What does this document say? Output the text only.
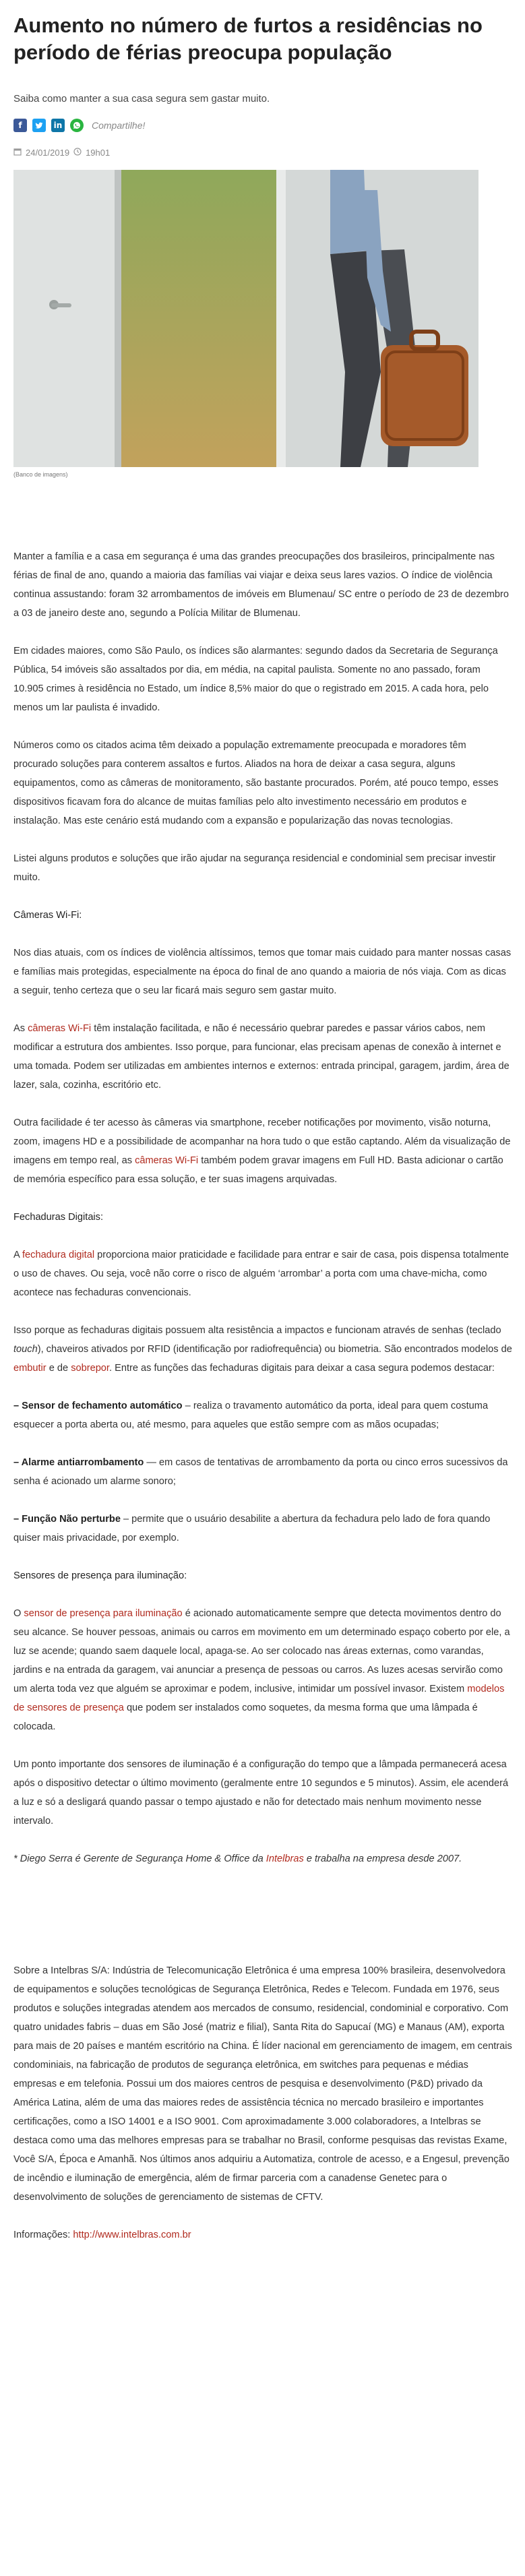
Aumento no número de furtos a residências no período de férias preocupa população
Saiba como manter a sua casa segura sem gastar muito.
f	in	Compartilhe!
24/01/2019 19h01
(Banco de imagens)

Manter a família e a casa em segurança é uma das grandes preocupações dos brasileiros, principalmente nas férias de final de ano, quando a maioria das famílias vai viajar e deixa seus lares vazios. O índice de violência continua assustando: foram 32 arrombamentos de imóveis em Blumenau/ SC entre o período de 23 de dezembro a 03 de janeiro deste ano, segundo a Polícia Militar de Blumenau.

Em cidades maiores, como São Paulo, os índices são alarmantes: segundo dados da Secretaria de Segurança Pública, 54 imóveis são assaltados por dia, em média, na capital paulista. Somente no ano passado, foram 10.905 crimes à residência no Estado, um índice 8,5% maior do que o registrado em 2015. A cada hora, pelo menos um lar paulista é invadido.

Números como os citados acima têm deixado a população extremamente preocupada e moradores têm procurado soluções para conterem assaltos e furtos. Aliados na hora de deixar a casa segura, alguns equipamentos, como as câmeras de monitoramento, são bastante procurados. Porém, até pouco tempo, esses dispositivos ficavam fora do alcance de muitas famílias pelo alto investimento necessário em produtos e instalação. Mas este cenário está mudando com a expansão e popularização das novas tecnologias.

Listei alguns produtos e soluções que irão ajudar na segurança residencial e condominial sem precisar investir muito.

Câmeras Wi-Fi:

Nos dias atuais, com os índices de violência altíssimos, temos que tomar mais cuidado para manter nossas casas e famílias mais protegidas, especialmente na época do final de ano quando a maioria de nós viaja. Com as dicas a seguir, tenho certeza que o seu lar ficará mais seguro sem gastar muito.

As câmeras Wi-Fi têm instalação facilitada, e não é necessário quebrar paredes e passar vários cabos, nem modificar a estrutura dos ambientes. Isso porque, para funcionar, elas precisam apenas de conexão à internet e uma tomada. Podem ser utilizadas em ambientes internos e externos: entrada principal, garagem, jardim, área de lazer, sala, cozinha, escritório etc.

Outra facilidade é ter acesso às câmeras via smartphone, receber notificações por movimento, visão noturna, zoom, imagens HD e a possibilidade de acompanhar na hora tudo o que estão captando. Além da visualização de imagens em tempo real, as câmeras Wi-Fi também podem gravar imagens em Full HD. Basta adicionar o cartão de memória específico para essa solução, e ter suas imagens arquivadas.

Fechaduras Digitais:

A fechadura digital proporciona maior praticidade e facilidade para entrar e sair de casa, pois dispensa totalmente o uso de chaves. Ou seja, você não corre o risco de alguém ‘arrombar’ a porta com uma chave-micha, como acontece nas fechaduras convencionais.

Isso porque as fechaduras digitais possuem alta resistência a impactos e funcionam através de senhas (teclado touch), chaveiros ativados por RFID (identificação por radiofrequência) ou biometria. São encontrados modelos de embutir e de sobrepor. Entre as funções das fechaduras digitais para deixar a casa segura podemos destacar:

– Sensor de fechamento automático – realiza o travamento automático da porta, ideal para quem costuma esquecer a porta aberta ou, até mesmo, para aqueles que estão sempre com as mãos ocupadas;

– Alarme antiarrombamento — em casos de tentativas de arrombamento da porta ou cinco erros sucessivos da senha é acionado um alarme sonoro;

– Função Não perturbe – permite que o usuário desabilite a abertura da fechadura pelo lado de fora quando quiser mais privacidade, por exemplo.

Sensores de presença para iluminação:

O sensor de presença para iluminação é acionado automaticamente sempre que detecta movimentos dentro do seu alcance. Se houver pessoas, animais ou carros em movimento em um determinado espaço coberto por ele, a luz se acende; quando saem daquele local, apaga-se. Ao ser colocado nas áreas externas, como varandas, jardins e na entrada da garagem, vai anunciar a presença de pessoas ou carros. As luzes acesas servirão como um alerta toda vez que alguém se aproximar e podem, inclusive, intimidar um possível invasor. Existem modelos de sensores de presença que podem ser instalados como soquetes, da mesma forma que uma lâmpada é colocada.

Um ponto importante dos sensores de iluminação é a configuração do tempo que a lâmpada permanecerá acesa após o dispositivo detectar o último movimento (geralmente entre 10 segundos e 5 minutos). Assim, ele acenderá a luz e só a desligará quando passar o tempo ajustado e não for detectado mais nenhum movimento nesse intervalo.

* Diego Serra é Gerente de Segurança Home & Office da Intelbras e trabalha na empresa desde 2007.

Sobre a Intelbras S/A: Indústria de Telecomunicação Eletrônica é uma empresa 100% brasileira, desenvolvedora de equipamentos e soluções tecnológicas de Segurança Eletrônica, Redes e Telecom. Fundada em 1976, seus produtos e soluções integradas atendem aos mercados de consumo, residencial, condominial e corporativo. Com quatro unidades fabris – duas em São José (matriz e filial), Santa Rita do Sapucaí (MG) e Manaus (AM), exporta para mais de 20 países e mantém escritório na China. É líder nacional em gerenciamento de imagem, em centrais condominiais, na fabricação de produtos de segurança eletrônica, em switches para pequenas e médias empresas e em telefonia. Possui um dos maiores centros de pesquisa e desenvolvimento (P&D) privado da América Latina, além de uma das maiores redes de assistência técnica no mercado brasileiro e importantes certificações, como a ISO 14001 e a ISO 9001. Com aproximadamente 3.000 colaboradores, a Intelbras se destaca como uma das melhores empresas para se trabalhar no Brasil, conforme pesquisas das revistas Exame, Você S/A, Época e Amanhã. Nos últimos anos adquiriu a Automatiza, controle de acesso, e a Engesul, prevenção de incêndio e iluminação de emergência, além de firmar parceria com a canadense Genetec para o desenvolvimento de soluções de gerenciamento de sistemas de CFTV.

Informações: http://www.intelbras.com.br
